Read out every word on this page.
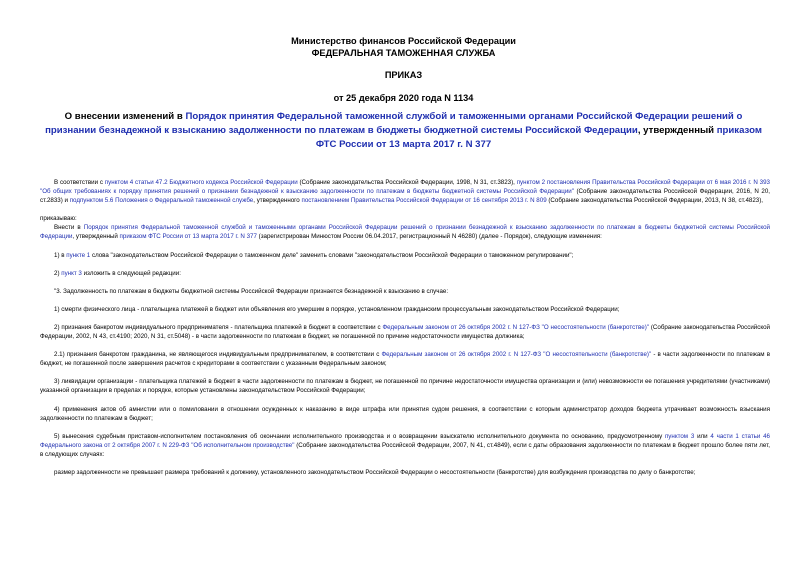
Министерство финансов Российской Федерации
ФЕДЕРАЛЬНАЯ ТАМОЖЕННАЯ СЛУЖБА
ПРИКАЗ
от 25 декабря 2020 года N 1134
О внесении изменений в Порядок принятия Федеральной таможенной службой и таможенными органами Российской Федерации решений о признании безнадежной к взысканию задолженности по платежам в бюджеты бюджетной системы Российской Федерации, утвержденный приказом ФТС России от 13 марта 2017 г. N 377

В соответствии с пунктом 4 статьи 47.2 Бюджетного кодекса Российской Федерации (Собрание законодательства Российской Федерации, 1998, N 31, ст.3823), пунктом 2 постановления Правительства Российской Федерации от 6 мая 2016 г. N 393 "Об общих требованиях к порядку принятия решений о признании безнадежной к взысканию задолженности по платежам в бюджеты бюджетной системы Российской Федерации" (Собрание законодательства Российской Федерации, 2016, N 20, ст.2833) и подпунктом 5.6 Положения о Федеральной таможенной службе, утвержденного постановлением Правительства Российской Федерации от 16 сентября 2013 г. N 809 (Собрание законодательства Российской Федерации, 2013, N 38, ст.4823),

приказываю:

Внести в Порядок принятия Федеральной таможенной службой и таможенными органами Российской Федерации решений о признании безнадежной к взысканию задолженности по платежам в бюджеты бюджетной системы Российской Федерации, утвержденный приказом ФТС России от 13 марта 2017 г. N 377 (зарегистрирован Минюстом России 06.04.2017, регистрационный N 46280) (далее - Порядок), следующие изменения:

1) в пункте 1 слова "законодательством Российской Федерации о таможенном деле" заменить словами "законодательством Российской Федерации о таможенном регулировании";

2) пункт 3 изложить в следующей редакции:

"3. Задолженность по платежам в бюджеты бюджетной системы Российской Федерации признается безнадежной к взысканию в случае:

1) смерти физического лица - плательщика платежей в бюджет или объявления его умершим в порядке, установленном гражданским процессуальным законодательством Российской Федерации;

2) признания банкротом индивидуального предпринимателя - плательщика платежей в бюджет в соответствии с Федеральным законом от 26 октября 2002 г. N 127-ФЗ "О несостоятельности (банкротстве)" (Собрание законодательства Российской Федерации, 2002, N 43, ст.4190; 2020, N 31, ст.5048) - в части задолженности по платежам в бюджет, не погашенной по причине недостаточности имущества должника;

2.1) признания банкротом гражданина, не являющегося индивидуальным предпринимателем, в соответствии с Федеральным законом от 26 октября 2002 г. N 127-ФЗ "О несостоятельности (банкротстве)" - в части задолженности по платежам в бюджет, не погашенной после завершения расчетов с кредиторами в соответствии с указанным Федеральным законом;

3) ликвидации организации - плательщика платежей в бюджет в части задолженности по платежам в бюджет, не погашенной по причине недостаточности имущества организации и (или) невозможности ее погашения учредителями (участниками) указанной организации в пределах и порядке, которые установлены законодательством Российской Федерации;

4) применения актов об амнистии или о помиловании в отношении осужденных к наказанию в виде штрафа или принятия судом решения, в соответствии с которым администратор доходов бюджета утрачивает возможность взыскания задолженности по платежам в бюджет;

5) вынесения судебным приставом-исполнителем постановления об окончании исполнительного производства и о возвращении взыскателю исполнительного документа по основанию, предусмотренному пунктом 3 или 4 части 1 статьи 46 Федерального закона от 2 октября 2007 г. N 229-ФЗ "Об исполнительном производстве" (Собрание законодательства Российской Федерации, 2007, N 41, ст.4849), если с даты образования задолженности по платежам в бюджет прошло более пяти лет, в следующих случаях:

размер задолженности не превышает размера требований к должнику, установленного законодательством Российской Федерации о несостоятельности (банкротстве) для возбуждения производства по делу о банкротстве;
